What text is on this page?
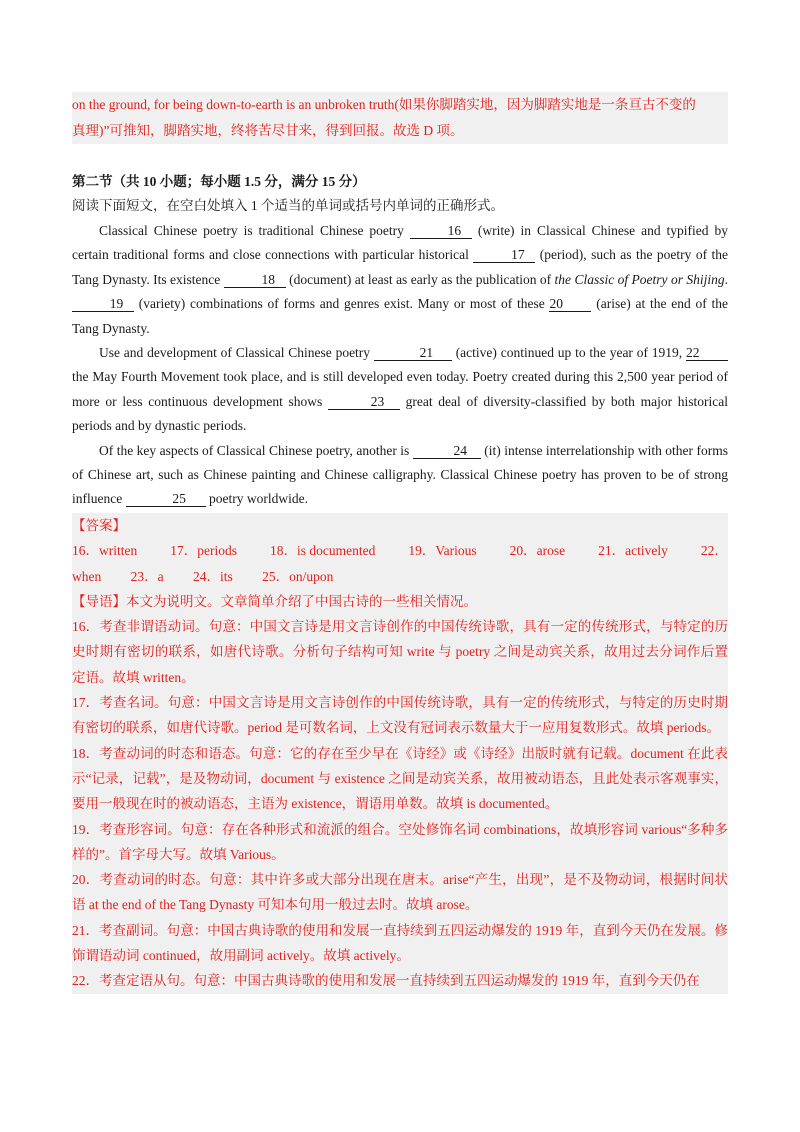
on the ground, for being down-to-earth is an unbroken truth(如果你脚踏实地，因为脚踏实地是一条亘古不变的

真理)”可推知，脚踏实地，终将苦尽甘来，得到回报。故选 D 项。

第二节（共 10 小题；每小题 1.5 分，满分 15 分）
阅读下面短文，在空白处填入 1 个适当的单词或括号内单词的正确形式。

Classical Chinese poetry is traditional Chinese poetry	16 (write) in Classical Chinese and typified by certain traditional forms and close connections with particular historical	17 (period), such as the poetry of the Tang Dynasty. Its existence	18 (document) at least as early as the publication of the Classic of Poetry or Shijing. 19 (variety) combinations of forms and genres exist. Many or most of these 20 (arise) at the end of the Tang Dynasty.

Use and development of Classical Chinese poetry	21 (active) continued up to the year of 1919, 22 the May Fourth Movement took place, and is still developed even today. Poetry created during this 2,500 year period of more or less continuous development shows	23 great deal of diversity-classified by both major historical periods and by dynastic periods.

Of the key aspects of Classical Chinese poetry, another is	24 (it) intense interrelationship with other forms of Chinese art, such as Chinese painting and Chinese calligraphy. Classical Chinese poetry has proven to be of strong influence	25 poetry worldwide.

【答案】

16．written 17．periods 18．is documented 19．Various 20．arose 21．actively 22．
when 23．a 24．its 25．on/upon

【导语】本文为说明文。文章简单介绍了中国古诗的一些相关情况。

16．考查非谓语动词。句意：中国文言诗是用文言诗创作的中国传统诗歌，具有一定的传统形式，与特定的历史时期有密切的联系，如唐代诗歌。分析句子结构可知 write 与 poetry 之间是动宾关系，故用过去分词作后置定语。故填 written。

17．考查名词。句意：中国文言诗是用文言诗创作的中国传统诗歌，具有一定的传统形式，与特定的历史时期有密切的联系，如唐代诗歌。period 是可数名词，上文没有冠词表示数量大于一应用复数形式。故填 periods。

18．考查动词的时态和语态。句意：它的存在至少早在《诗经》或《诗经》出版时就有记载。document 在此表示“记录，记载”，是及物动词，document 与 existence 之间是动宾关系，故用被动语态，且此处表示客观事实，要用一般现在时的被动语态，主语为 existence，谓语用单数。故填 is documented。

19．考查形容词。句意：存在各种形式和流派的组合。空处修饰名词 combinations，故填形容词 various“多种多样的”。首字母大写。故填 Various。

20．考查动词的时态。句意：其中许多或大部分出现在唐末。arise“产生，出现”，是不及物动词，根据时间状语 at the end of the Tang Dynasty 可知本句用一般过去时。故填 arose。

21．考查副词。句意：中国古典诗歌的使用和发展一直持续到五四运动爆发的 1919 年，直到今天仍在发展。修饰谓语动词 continued，故用副词 actively。故填 actively。

22．考查定语从句。句意：中国古典诗歌的使用和发展一直持续到五四运动爆发的 1919 年，直到今天仍在
